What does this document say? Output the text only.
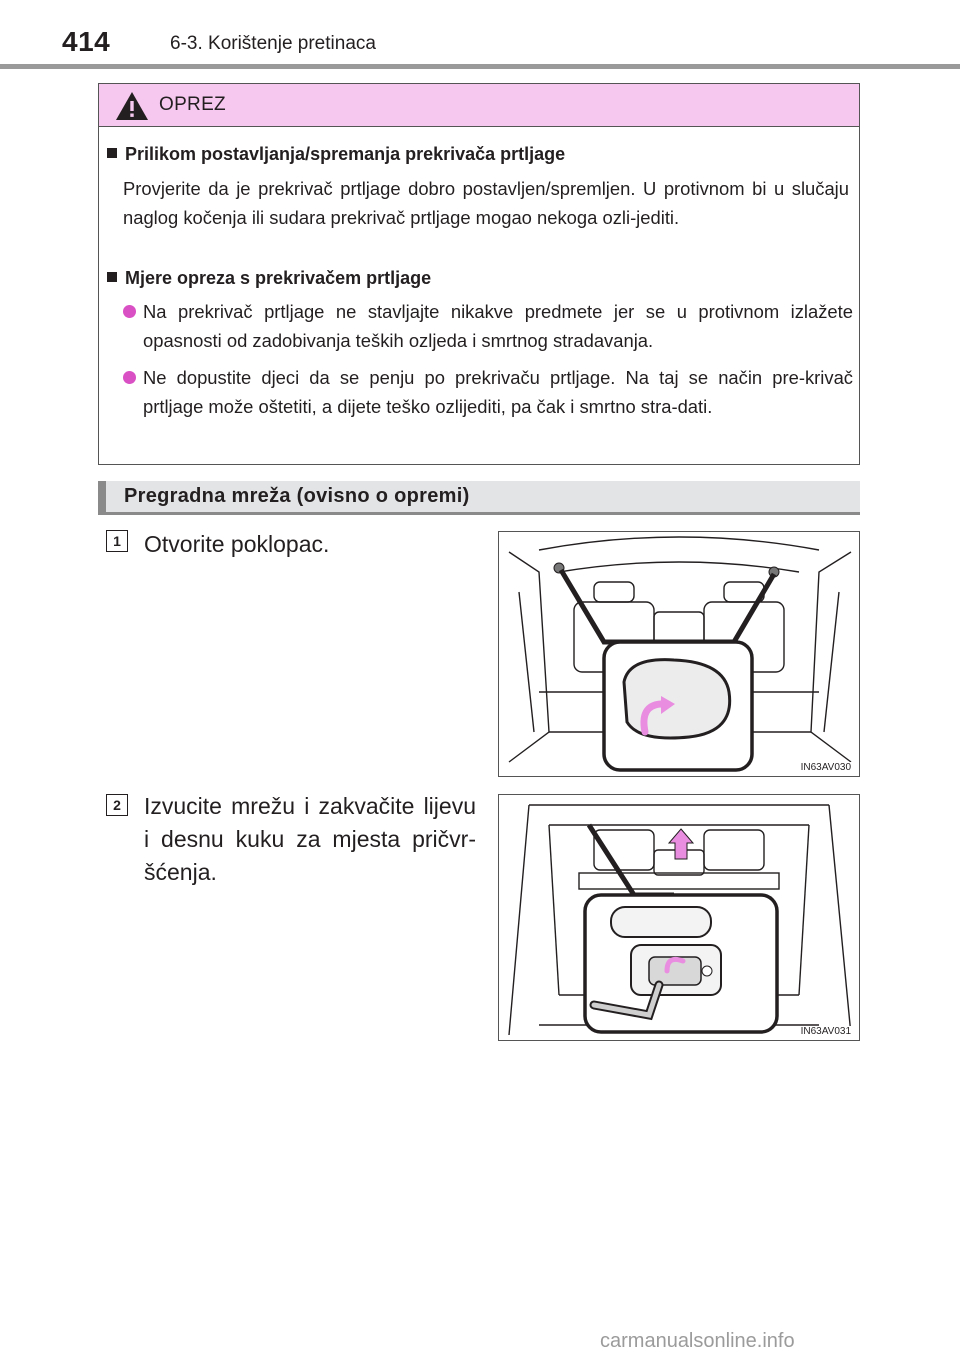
414	6-3. Korištenje pretinaca
OPREZ
Prilikom postavljanja/spremanja prekrivača prtljage
Provjerite da je prekrivač prtljage dobro postavljen/spremljen. U protivnom bi u slučaju naglog kočenja ili sudara prekrivač prtljage mogao nekoga ozli-jediti.
Mjere opreza s prekrivačem prtljage
Na prekrivač prtljage ne stavljajte nikakve predmete jer se u protivnom izlažete opasnosti od zadobivanja teških ozljeda i smrtnog stradavanja.
Ne dopustite djeci da se penju po prekrivaču prtljage. Na taj se način pre-krivač prtljage može oštetiti, a dijete teško ozlijediti, pa čak i smrtno stra-dati.
Pregradna mreža (ovisno o opremi)
1	Otvorite poklopac.
IN63AV030
2	Izvucite mrežu i zakvačite lijevu i desnu kuku za mjesta pričvr-šćenja.
IN63AV031
carmanualsonline.info
